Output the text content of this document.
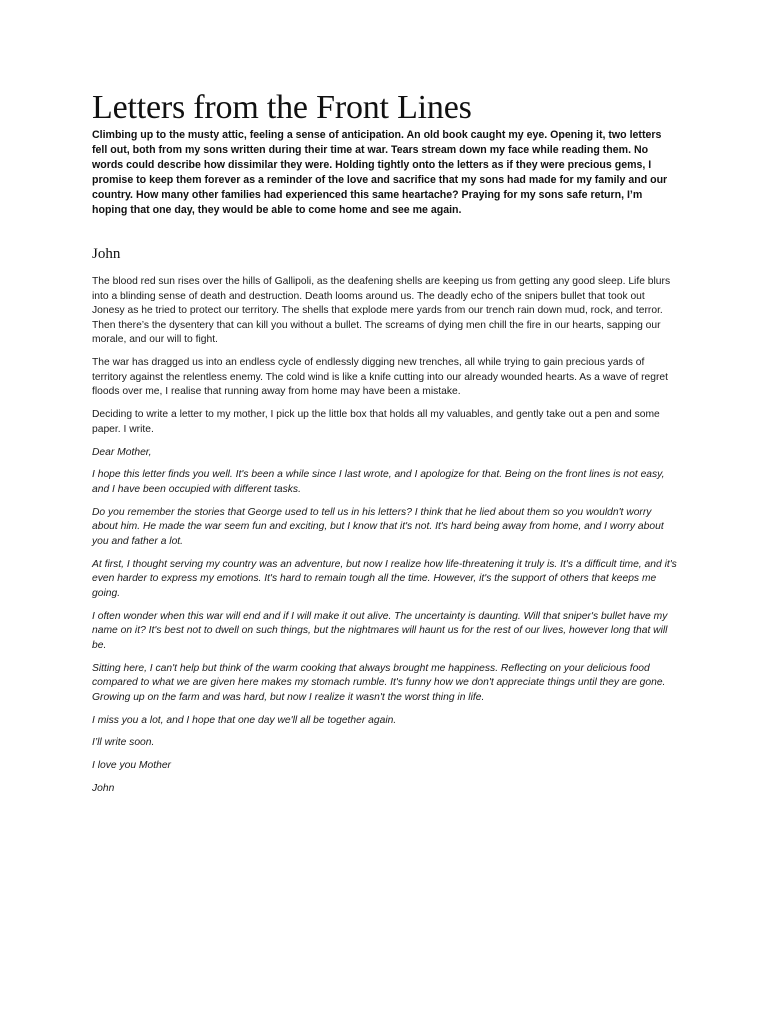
Letters from the Front Lines

Climbing up to the musty attic, feeling a sense of anticipation. An old book caught my eye. Opening it, two letters fell out, both from my sons written during their time at war. Tears stream down my face while reading them. No words could describe how dissimilar they were. Holding tightly onto the letters as if they were precious gems, I promise to keep them forever as a reminder of the love and sacrifice that my sons had made for my family and our country. How many other families had experienced this same heartache? Praying for my sons safe return, I’m hoping that one day, they would be able to come home and see me again.

John

The blood red sun rises over the hills of Gallipoli, as the deafening shells are keeping us from getting any good sleep. Life blurs into a blinding sense of death and destruction. Death looms around us. The deadly echo of the snipers bullet that took out Jonesy as he tried to protect our territory. The shells that explode mere yards from our trench rain down mud, rock, and terror. Then there’s the dysentery that can kill you without a bullet. The screams of dying men chill the fire in our hearts, sapping our morale, and our will to fight.

The war has dragged us into an endless cycle of endlessly digging new trenches, all while trying to gain precious yards of territory against the relentless enemy. The cold wind is like a knife cutting into our already wounded hearts. As a wave of regret floods over me, I realise that running away from home may have been a mistake.

Deciding to write a letter to my mother, I pick up the little box that holds all my valuables, and gently take out a pen and some paper. I write.

Dear Mother,

I hope this letter finds you well. It's been a while since I last wrote, and I apologize for that. Being on the front lines is not easy, and I have been occupied with different tasks.

Do you remember the stories that George used to tell us in his letters? I think that he lied about them so you wouldn't worry about him. He made the war seem fun and exciting, but I know that it's not. It's hard being away from home, and I worry about you and father a lot.

At first, I thought serving my country was an adventure, but now I realize how life-threatening it truly is. It's a difficult time, and it's even harder to express my emotions. It's hard to remain tough all the time. However, it's the support of others that keeps me going.

I often wonder when this war will end and if I will make it out alive. The uncertainty is daunting. Will that sniper's bullet have my name on it? It's best not to dwell on such things, but the nightmares will haunt us for the rest of our lives, however long that will be.

Sitting here, I can't help but think of the warm cooking that always brought me happiness. Reflecting on your delicious food compared to what we are given here makes my stomach rumble. It's funny how we don't appreciate things until they are gone. Growing up on the farm and was hard, but now I realize it wasn't the worst thing in life.

I miss you a lot, and I hope that one day we'll all be together again.

I’ll write soon.

I love you Mother

John
